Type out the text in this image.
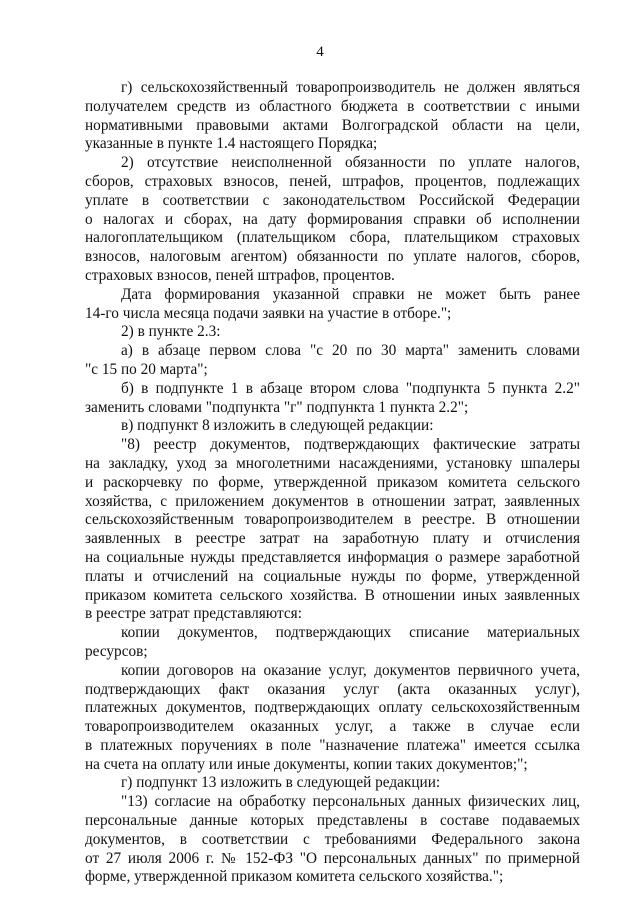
4
г) сельскохозяйственный товаропроизводитель не должен являться
получателем средств из областного бюджета в соответствии с иными
нормативными правовыми актами Волгоградской области на цели,
указанные в пункте 1.4 настоящего Порядка;
2) отсутствие неисполненной обязанности по уплате налогов,
сборов, страховых взносов, пеней, штрафов, процентов, подлежащих
уплате в соответствии с законодательством Российской Федерации
о налогах и сборах, на дату формирования справки об исполнении
налогоплательщиком (плательщиком сбора, плательщиком страховых
взносов, налоговым агентом) обязанности по уплате налогов, сборов,
страховых взносов, пеней штрафов, процентов.
Дата формирования указанной справки не может быть ранее
14-го числа месяца подачи заявки на участие в отборе.";
2) в пункте 2.3:
а) в абзаце первом слова "с 20 по 30 марта" заменить словами
"с 15 по 20 марта";
б) в подпункте 1 в абзаце втором слова "подпункта 5 пункта 2.2"
заменить словами "подпункта "г" подпункта 1 пункта 2.2";
в) подпункт 8 изложить в следующей редакции:
"8) реестр документов, подтверждающих фактические затраты
на закладку, уход за многолетними насаждениями, установку шпалеры
и раскорчевку по форме, утвержденной приказом комитета сельского
хозяйства, с приложением документов в отношении затрат, заявленных
сельскохозяйственным товаропроизводителем в реестре. В отношении
заявленных в реестре затрат на заработную плату и отчисления
на социальные нужды представляется информация о размере заработной
платы и отчислений на социальные нужды по форме, утвержденной
приказом комитета сельского хозяйства. В отношении иных заявленных
в реестре затрат представляются:
копии документов, подтверждающих списание материальных
ресурсов;
копии договоров на оказание услуг, документов первичного учета,
подтверждающих факт оказания услуг (акта оказанных услуг),
платежных документов, подтверждающих оплату сельскохозяйственным
товаропроизводителем оказанных услуг, а также в случае если
в платежных поручениях в поле "назначение платежа" имеется ссылка
на счета на оплату или иные документы, копии таких документов;";
г) подпункт 13 изложить в следующей редакции:
"13) согласие на обработку персональных данных физических лиц,
персональные данные которых представлены в составе подаваемых
документов, в соответствии с требованиями Федерального закона
от 27 июля 2006 г. № 152-ФЗ "О персональных данных" по примерной
форме, утвержденной приказом комитета сельского хозяйства.";
